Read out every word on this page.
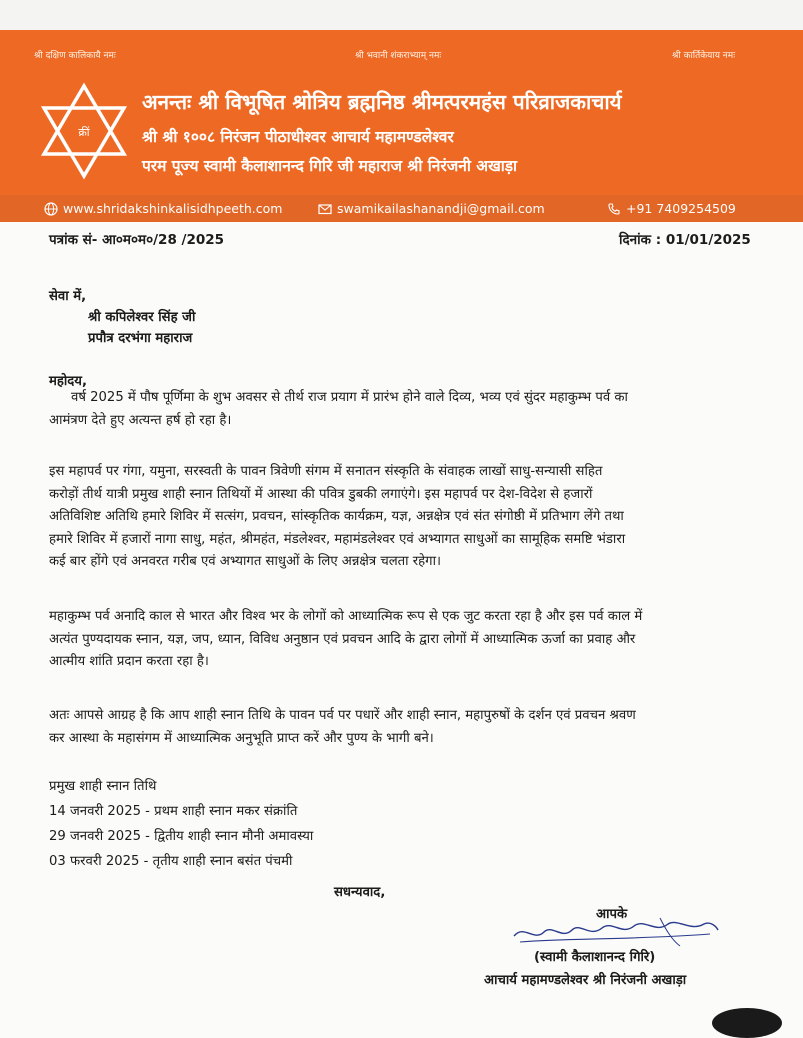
श्री दक्षिण कालिकायै नमः	श्री भवानी शंकराभ्याम् नमः	श्री कार्तिकेयाय नमः
क्रीं
अनन्तः श्री विभूषित श्रोत्रिय ब्रह्मनिष्ठ श्रीमत्परमहंस परिव्राजकाचार्य
श्री श्री १००८ निरंजन पीठाधीश्वर आचार्य महामण्डलेश्वर
परम पूज्य स्वामी कैलाशानन्द गिरि जी महाराज श्री निरंजनी अखाड़ा
www.shridakshinkalisidhpeeth.com	swamikailashanandji@gmail.com	+91 7409254509
पत्रांक सं- आ०म०म०/28 /2025	दिनांक : 01/01/2025
सेवा में,
श्री कपिलेश्वर सिंह जी
प्रपौत्र दरभंगा महाराज
महोदय,
वर्ष 2025 में पौष पूर्णिमा के शुभ अवसर से तीर्थ राज प्रयाग में प्रारंभ होने वाले दिव्य, भव्य एवं सुंदर महाकुम्भ पर्व का
आमंत्रण देते हुए अत्यन्त हर्ष हो रहा है।
इस महापर्व पर गंगा, यमुना, सरस्वती के पावन त्रिवेणी संगम में सनातन संस्कृति के संवाहक लाखों साधु-सन्यासी सहित
करोड़ों तीर्थ यात्री प्रमुख शाही स्नान तिथियों में आस्था की पवित्र डुबकी लगाएंगे। इस महापर्व पर देश-विदेश से हजारों
अतिविशिष्ट अतिथि हमारे शिविर में सत्संग, प्रवचन, सांस्कृतिक कार्यक्रम, यज्ञ, अन्नक्षेत्र एवं संत संगोष्ठी में प्रतिभाग लेंगे तथा
हमारे शिविर में हजारों नागा साधु, महंत, श्रीमहंत, मंडलेश्वर, महामंडलेश्वर एवं अभ्यागत साधुओं का सामूहिक समष्टि भंडारा
कई बार होंगे एवं अनवरत गरीब एवं अभ्यागत साधुओं के लिए अन्नक्षेत्र चलता रहेगा।
महाकुम्भ पर्व अनादि काल से भारत और विश्व भर के लोगों को आध्यात्मिक रूप से एक जुट करता रहा है और इस पर्व काल में
अत्यंत पुण्यदायक स्नान, यज्ञ, जप, ध्यान, विविध अनुष्ठान एवं प्रवचन आदि के द्वारा लोगों में आध्यात्मिक ऊर्जा का प्रवाह और
आत्मीय शांति प्रदान करता रहा है।
अतः आपसे आग्रह है कि आप शाही स्नान तिथि के पावन पर्व पर पधारें और शाही स्नान, महापुरुषों के दर्शन एवं प्रवचन श्रवण
कर आस्था के महासंगम में आध्यात्मिक अनुभूति प्राप्त करें और पुण्य के भागी बने।
प्रमुख शाही स्नान तिथि
14 जनवरी 2025 - प्रथम शाही स्नान मकर संक्रांति
29 जनवरी 2025 - द्वितीय शाही स्नान मौनी अमावस्या
03 फरवरी 2025 - तृतीय शाही स्नान बसंत पंचमी
सधन्यवाद,
आपके
(स्वामी कैलाशानन्द गिरि)
आचार्य महामण्डलेश्वर श्री निरंजनी अखाड़ा
